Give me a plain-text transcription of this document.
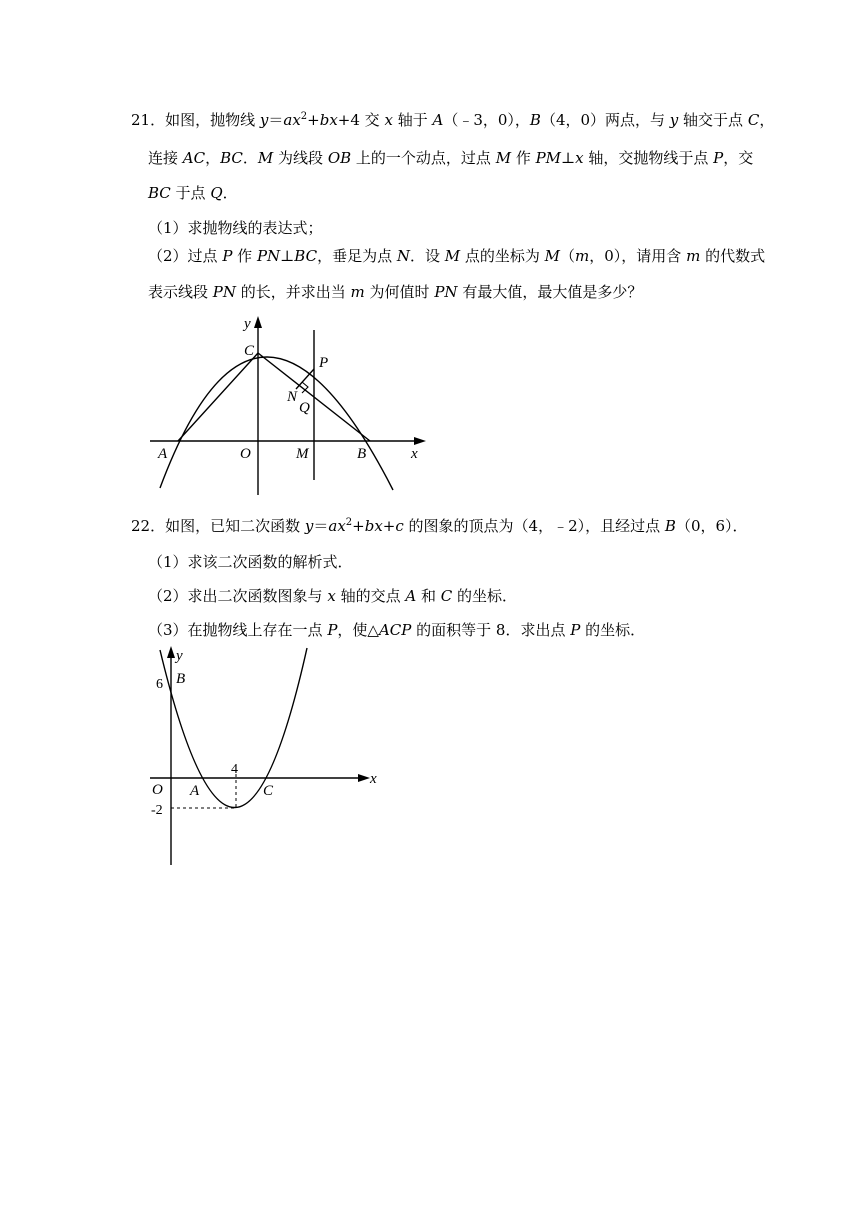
21．如图，抛物线 $y=ax^2+bx+4$ 交 x 轴于 A（﹣3，0），B（4，0）两点，与 y 轴交于点 C，
连接 AC，BC．M 为线段 OB 上的一个动点，过点 M 作 PM⊥x 轴，交抛物线于点 P，交
BC 于点 Q．
（1）求抛物线的表达式；
（2）过点 P 作 PN⊥BC，垂足为点 N．设 M 点的坐标为 M（m，0），请用含 m 的代数式
表示线段 PN 的长，并求出当 m 为何值时 PN 有最大值，最大值是多少？
y
x
C
P
N
Q
A	O	M	B
22．如图，已知二次函数 $y=ax^2+bx+c$ 的图象的顶点为（4，﹣2），且经过点 B（0，6）．
（1）求该二次函数的解析式．
（2）求出二次函数图象与 x 轴的交点 A 和 C 的坐标．
（3）在抛物线上存在一点 P，使△ACP 的面积等于 8．求出点 P 的坐标．
y
x
6 B
4
O A	C
-2
